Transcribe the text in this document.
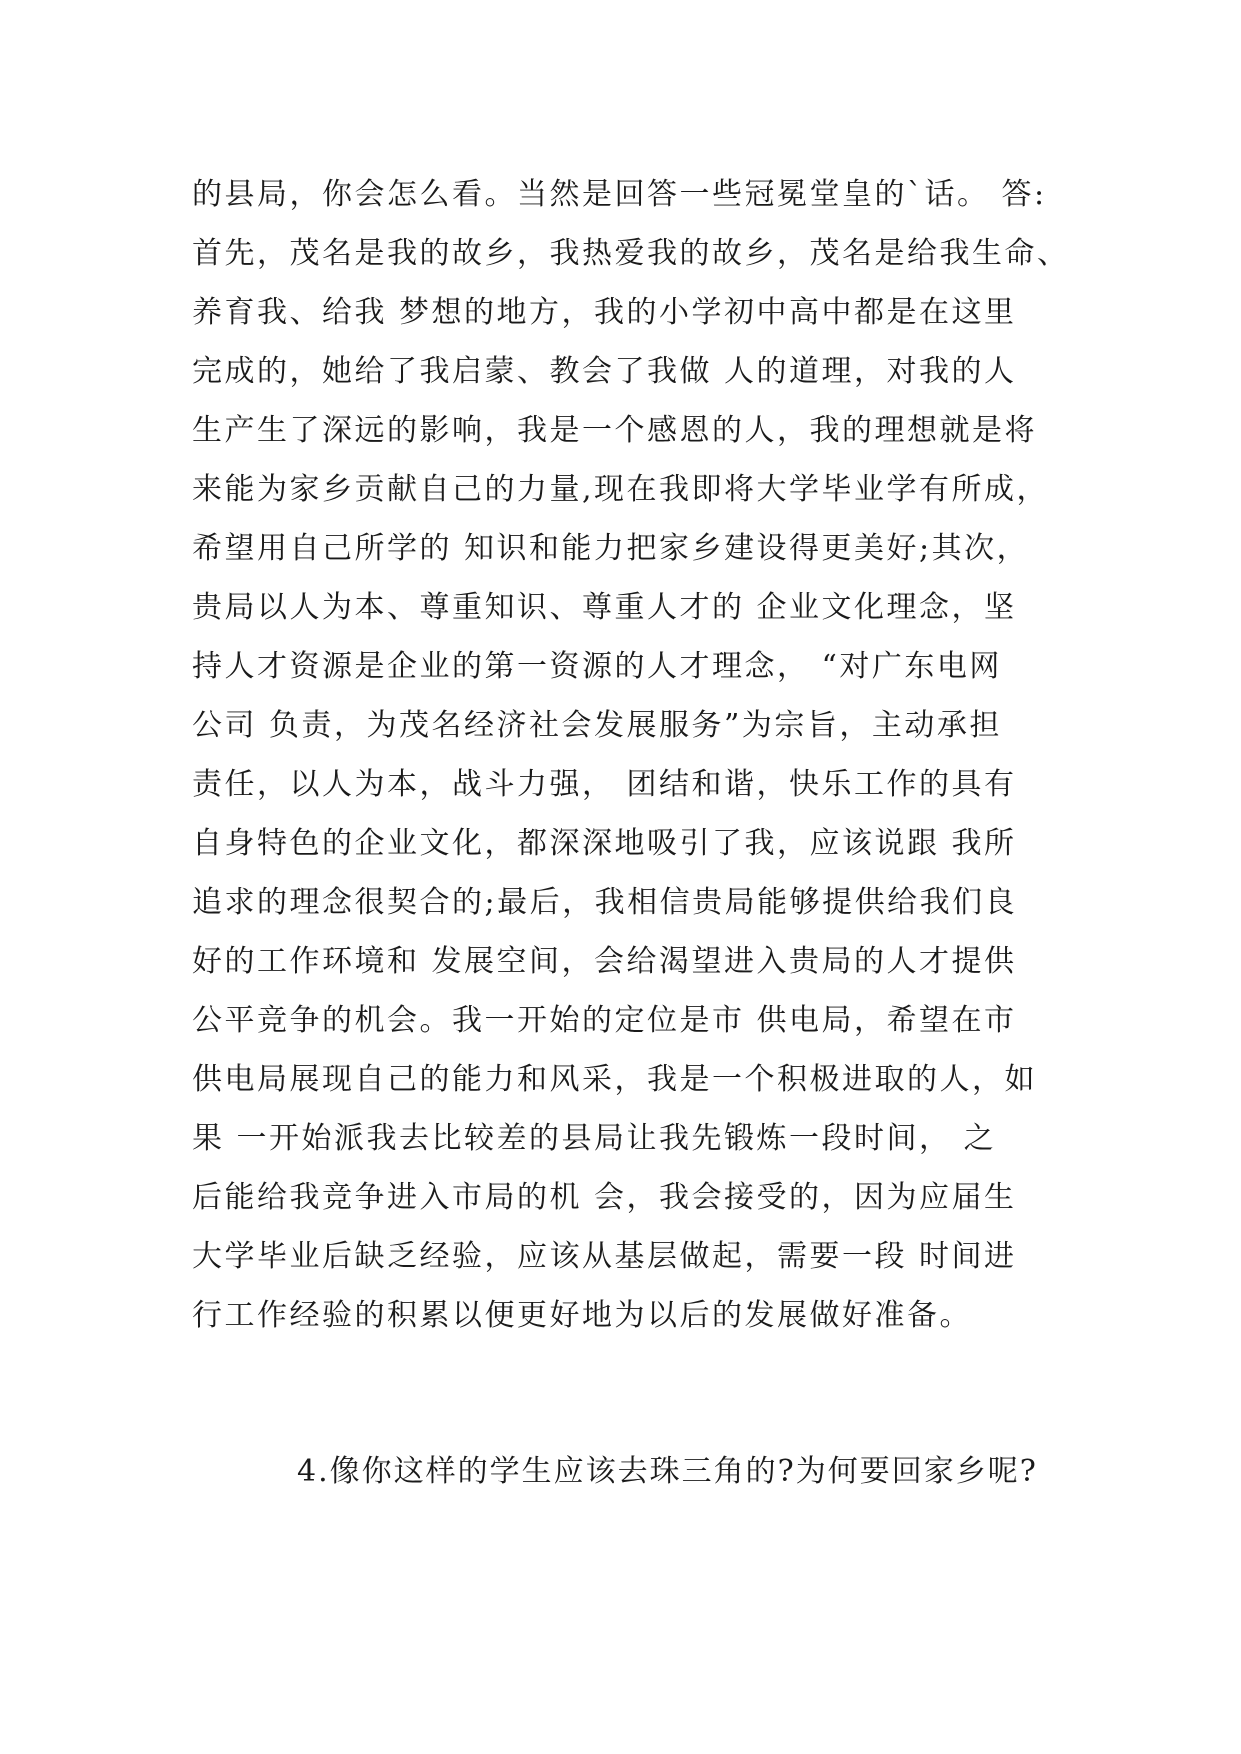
的县局，你会怎么看。当然是回答一些冠冕堂皇的`话。 答:
首先，茂名是我的故乡，我热爱我的故乡，茂名是给我生命、
养育我、给我 梦想的地方，我的小学初中高中都是在这里
完成的，她给了我启蒙、教会了我做 人的道理，对我的人
生产生了深远的影响，我是一个感恩的人，我的理想就是将
来能为家乡贡献自己的力量,现在我即将大学毕业学有所成，
希望用自己所学的 知识和能力把家乡建设得更美好;其次，
贵局以人为本、尊重知识、尊重人才的 企业文化理念，坚
持人才资源是企业的第一资源的人才理念， “对广东电网
公司 负责，为茂名经济社会发展服务”为宗旨，主动承担
责任，以人为本，战斗力强， 团结和谐，快乐工作的具有
自身特色的企业文化，都深深地吸引了我，应该说跟 我所
追求的理念很契合的;最后，我相信贵局能够提供给我们良
好的工作环境和 发展空间，会给渴望进入贵局的人才提供
公平竞争的机会。我一开始的定位是市 供电局，希望在市
供电局展现自己的能力和风采，我是一个积极进取的人，如
果 一开始派我去比较差的县局让我先锻炼一段时间， 之
后能给我竞争进入市局的机 会，我会接受的，因为应届生
大学毕业后缺乏经验，应该从基层做起，需要一段 时间进
行工作经验的积累以便更好地为以后的发展做好准备。
4.像你这样的学生应该去珠三角的?为何要回家乡呢?
